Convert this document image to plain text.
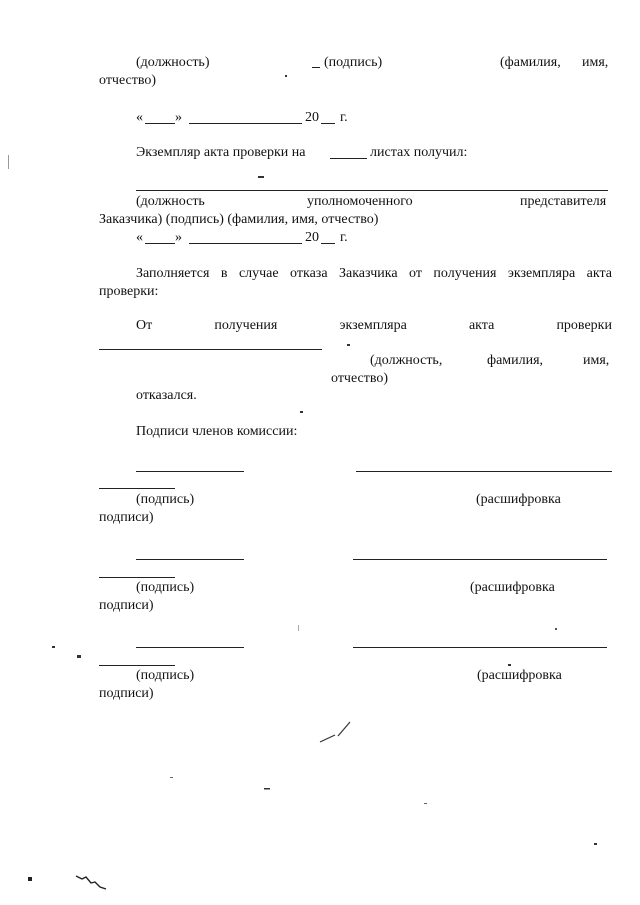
(должность)	(подпись)	(фамилия, имя,
отчество)
« »	20 г.
Экземпляр акта проверки на	листах получил:
(должность	уполномоченного	представителя
Заказчика) (подпись) (фамилия, имя, отчество)
« »	20 г.
Заполняется в случае отказа Заказчика от получения экземпляра акта
проверки:
От	получения	экземпляра	акта	проверки
(должность,	фамилия,	имя,
отчество)
отказался.
Подписи членов комиссии:
(подпись)	(расшифровка
подписи)
(подпись)	(расшифровка
подписи)
(подпись)	(расшифровка
подписи)
